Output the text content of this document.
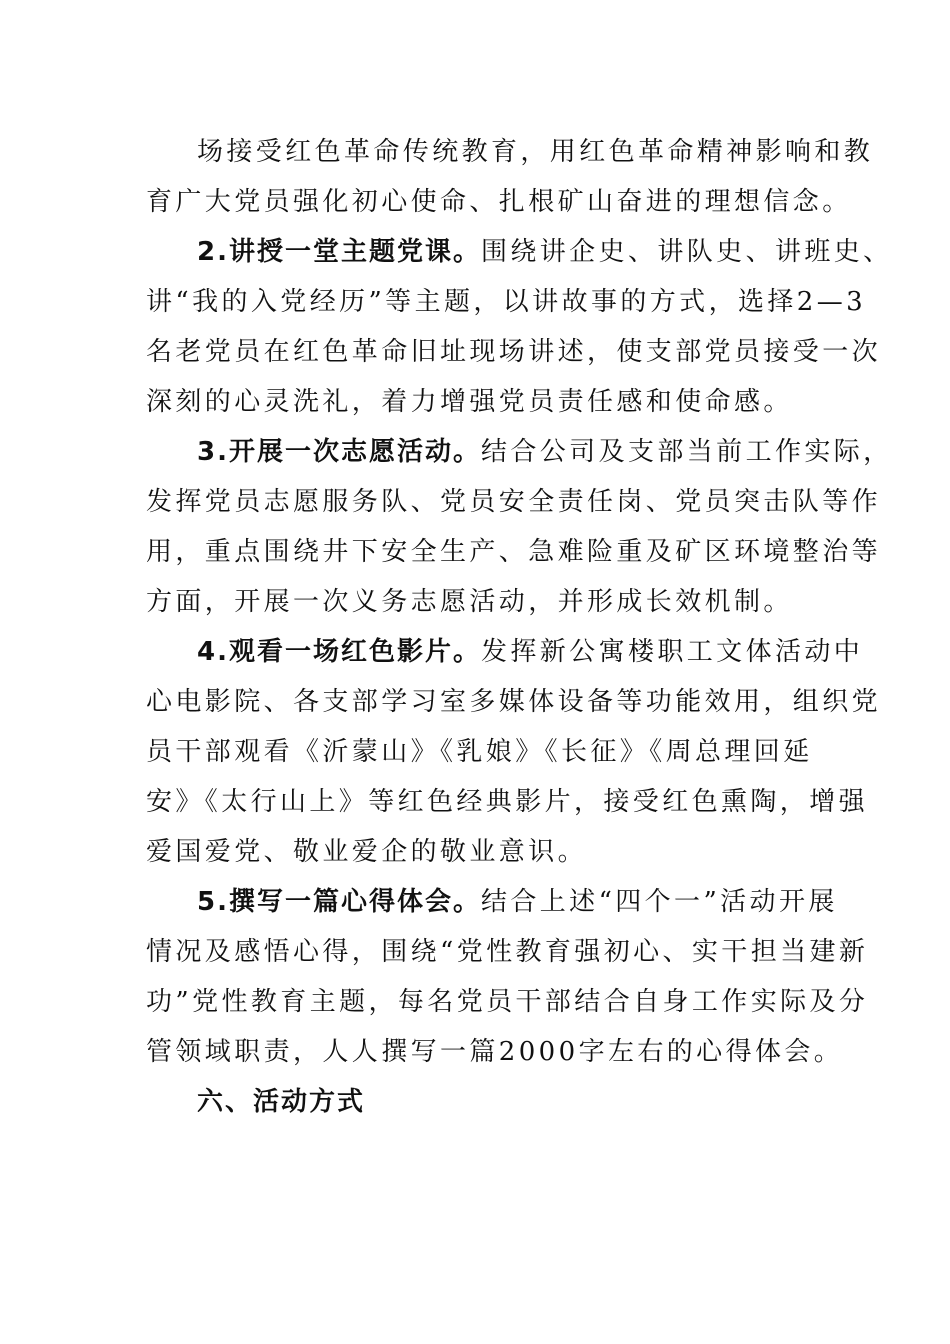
场接受红色革命传统教育，用红色革命精神影响和教
育广大党员强化初心使命、扎根矿山奋进的理想信念。
2.讲授一堂主题党课。围绕讲企史、讲队史、讲班史、
讲“我的入党经历”等主题，以讲故事的方式，选择2—3
名老党员在红色革命旧址现场讲述，使支部党员接受一次
深刻的心灵洗礼，着力增强党员责任感和使命感。
3.开展一次志愿活动。结合公司及支部当前工作实际，
发挥党员志愿服务队、党员安全责任岗、党员突击队等作
用，重点围绕井下安全生产、急难险重及矿区环境整治等
方面，开展一次义务志愿活动，并形成长效机制。
4.观看一场红色影片。发挥新公寓楼职工文体活动中
心电影院、各支部学习室多媒体设备等功能效用，组织党
员干部观看《沂蒙山》《乳娘》《长征》《周总理回延
安》《太行山上》等红色经典影片，接受红色熏陶，增强
爱国爱党、敬业爱企的敬业意识。
5.撰写一篇心得体会。结合上述“四个一”活动开展
情况及感悟心得，围绕“党性教育强初心、实干担当建新
功”党性教育主题，每名党员干部结合自身工作实际及分
管领域职责，人人撰写一篇2000字左右的心得体会。
六、活动方式
